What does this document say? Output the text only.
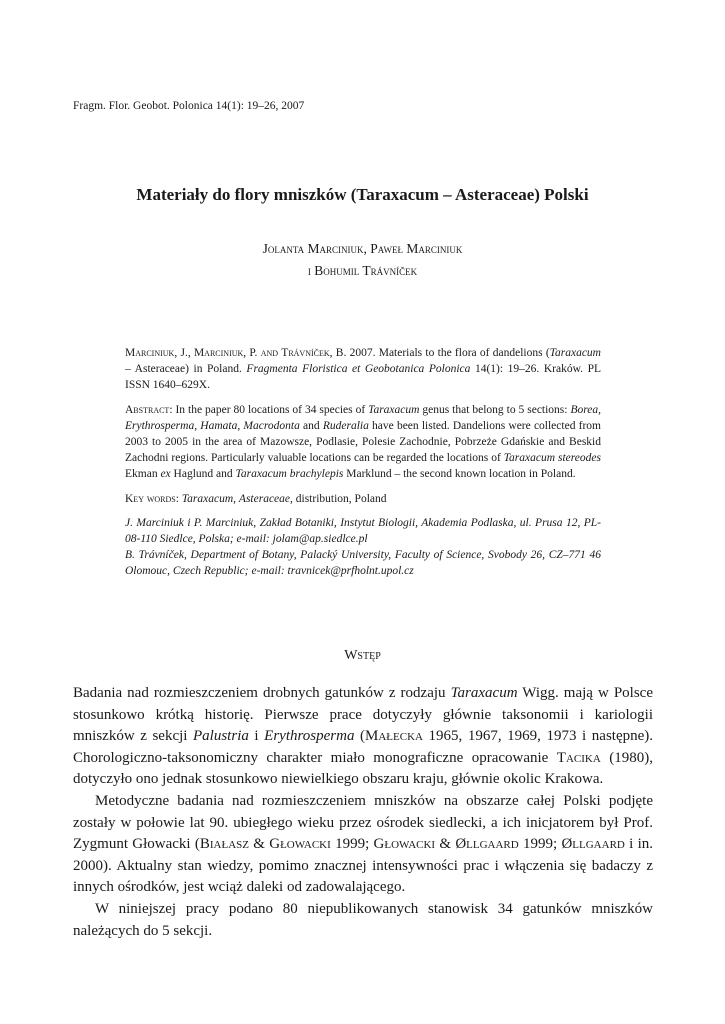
Fragm. Flor. Geobot. Polonica 14(1): 19–26, 2007
Materiały do flory mniszków (Taraxacum – Asteraceae) Polski
Jolanta Marciniuk, Paweł Marciniuk
i Bohumil Trávníček

Marciniuk, J., Marciniuk, P. and Trávníček, B. 2007. Materials to the flora of dandelions (Taraxacum – Asteraceae) in Poland. Fragmenta Floristica et Geobotanica Polonica 14(1): 19–26. Kraków. PL ISSN 1640–629X.

Abstract: In the paper 80 locations of 34 species of Taraxacum genus that belong to 5 sections: Borea, Erythrosperma, Hamata, Macrodonta and Ruderalia have been listed. Dandelions were collected from 2003 to 2005 in the area of Mazowsze, Podlasie, Polesie Zachodnie, Pobrzeże Gdańskie and Beskid Zachodni regions. Particularly valuable locations can be regarded the locations of Taraxacum stereodes Ekman ex Haglund and Taraxacum brachylepis Marklund – the second known location in Poland.

Key words: Taraxacum, Asteraceae, distribution, Poland

J. Marciniuk i P. Marciniuk, Zakład Botaniki, Instytut Biologii, Akademia Podlaska, ul. Prusa 12, PL-08-110 Siedlce, Polska; e-mail: jolam@ap.siedlce.pl

B. Trávníček, Department of Botany, Palacký University, Faculty of Science, Svobody 26, CZ–771 46 Olomouc, Czech Republic; e-mail: travnicek@prfholnt.upol.cz

Wstęp

Badania nad rozmieszczeniem drobnych gatunków z rodzaju Taraxacum Wigg. mają w Polsce stosunkowo krótką historię. Pierwsze prace dotyczyły głównie taksonomii i kariologii mniszków z sekcji Palustria i Erythrosperma (Małecka 1965, 1967, 1969, 1973 i następne). Chorologiczno-taksonomiczny charakter miało monograficzne opracowanie Tacika (1980), dotyczyło ono jednak stosunkowo niewielkiego obszaru kraju, głównie okolic Krakowa.

Metodyczne badania nad rozmieszczeniem mniszków na obszarze całej Polski podjęte zostały w połowie lat 90. ubiegłego wieku przez ośrodek siedlecki, a ich inicjatorem był Prof. Zygmunt Głowacki (Białasz & Głowacki 1999; Głowacki & Øllgaard 1999; Øllgaard i in. 2000). Aktualny stan wiedzy, pomimo znacznej intensywności prac i włączenia się badaczy z innych ośrodków, jest wciąż daleki od zadowalającego.

W niniejszej pracy podano 80 niepublikowanych stanowisk 34 gatunków mniszków należących do 5 sekcji.
